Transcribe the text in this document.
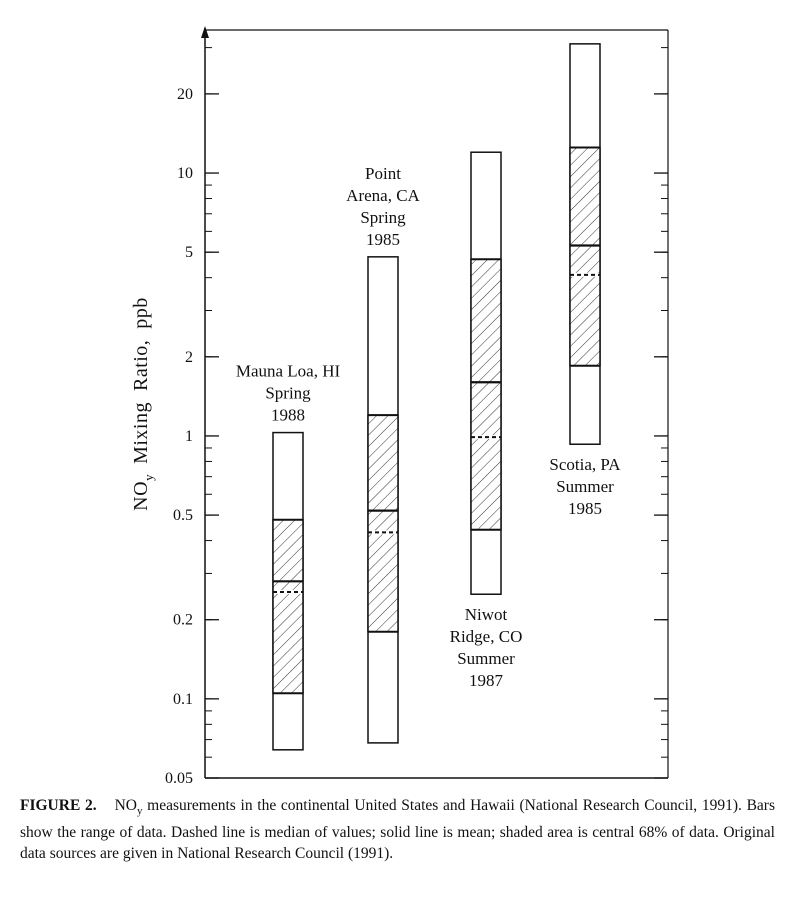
0.05
0.1
0.2
0.5
1
2
5
10
20
Mauna Loa, HI Spring 1988
Point Arena, CA Spring 1985
Niwot Ridge, CO Summer 1987
Scotia, PA Summer 1985
$NO_yMixing$  Ratio,  ppb
FIGURE 2. $NO_y$ measurements in the continental United States and Hawaii (National Research Council, 1991). Bars show the range of data. Dashed line is median of values; solid line is mean; shaded area is central 68% of data. Original data sources are given in National Research Council (1991).
